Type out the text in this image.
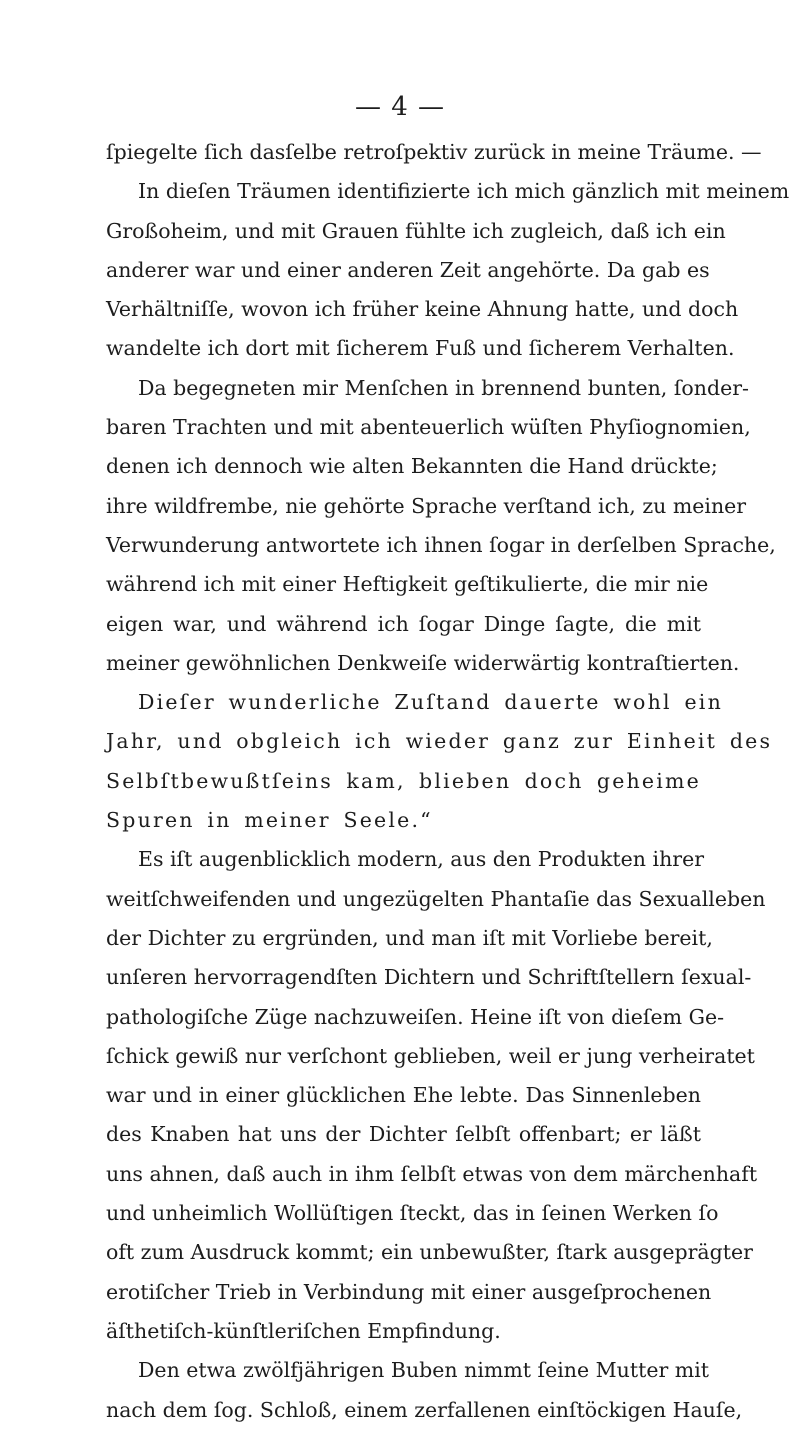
— 4 —
ſpiegelte ſich dasſelbe retroſpektiv zurück in meine Träume. —
In dieſen Träumen identifizierte ich mich gänzlich mit meinem
Großoheim, und mit Grauen fühlte ich zugleich, daß ich ein
anderer war und einer anderen Zeit angehörte. Da gab es
Verhältniſſe, wovon ich früher keine Ahnung hatte, und doch
wandelte ich dort mit ſicherem Fuß und ſicherem Verhalten.
Da begegneten mir Menſchen in brennend bunten, ſonder-
baren Trachten und mit abenteuerlich wüſten Phyſiognomien,
denen ich dennoch wie alten Bekannten die Hand drückte;
ihre wildfrembe, nie gehörte Sprache verſtand ich, zu meiner
Verwunderung antwortete ich ihnen ſogar in derſelben Sprache,
während ich mit einer Heftigkeit geſtikulierte, die mir nie
eigen war, und während ich ſogar Dinge ſagte, die mit
meiner gewöhnlichen Denkweiſe widerwärtig kontraſtierten.
Dieſer wunderliche Zuſtand dauerte wohl ein
Jahr, und obgleich ich wieder ganz zur Einheit des
Selbſtbewußtſeins kam, blieben doch geheime
Spuren in meiner Seele.“
Es iſt augenblicklich modern, aus den Produkten ihrer
weitſchweifenden und ungezügelten Phantaſie das Sexualleben
der Dichter zu ergründen, und man iſt mit Vorliebe bereit,
unſeren hervorragendſten Dichtern und Schriftſtellern ſexual-
pathologiſche Züge nachzuweiſen. Heine iſt von dieſem Ge-
ſchick gewiß nur verſchont geblieben, weil er jung verheiratet
war und in einer glücklichen Ehe lebte. Das Sinnenleben
des Knaben hat uns der Dichter ſelbſt offenbart; er läßt
uns ahnen, daß auch in ihm ſelbſt etwas von dem märchenhaft
und unheimlich Wollüſtigen ſteckt, das in ſeinen Werken ſo
oft zum Ausdruck kommt; ein unbewußter, ſtark ausgeprägter
erotiſcher Trieb in Verbindung mit einer ausgeſprochenen
äſthetiſch-künſtleriſchen Empfindung.
Den etwa zwölfjährigen Buben nimmt ſeine Mutter mit
nach dem ſog. Schloß, einem zerfallenen einſtöckigen Hauſe,
